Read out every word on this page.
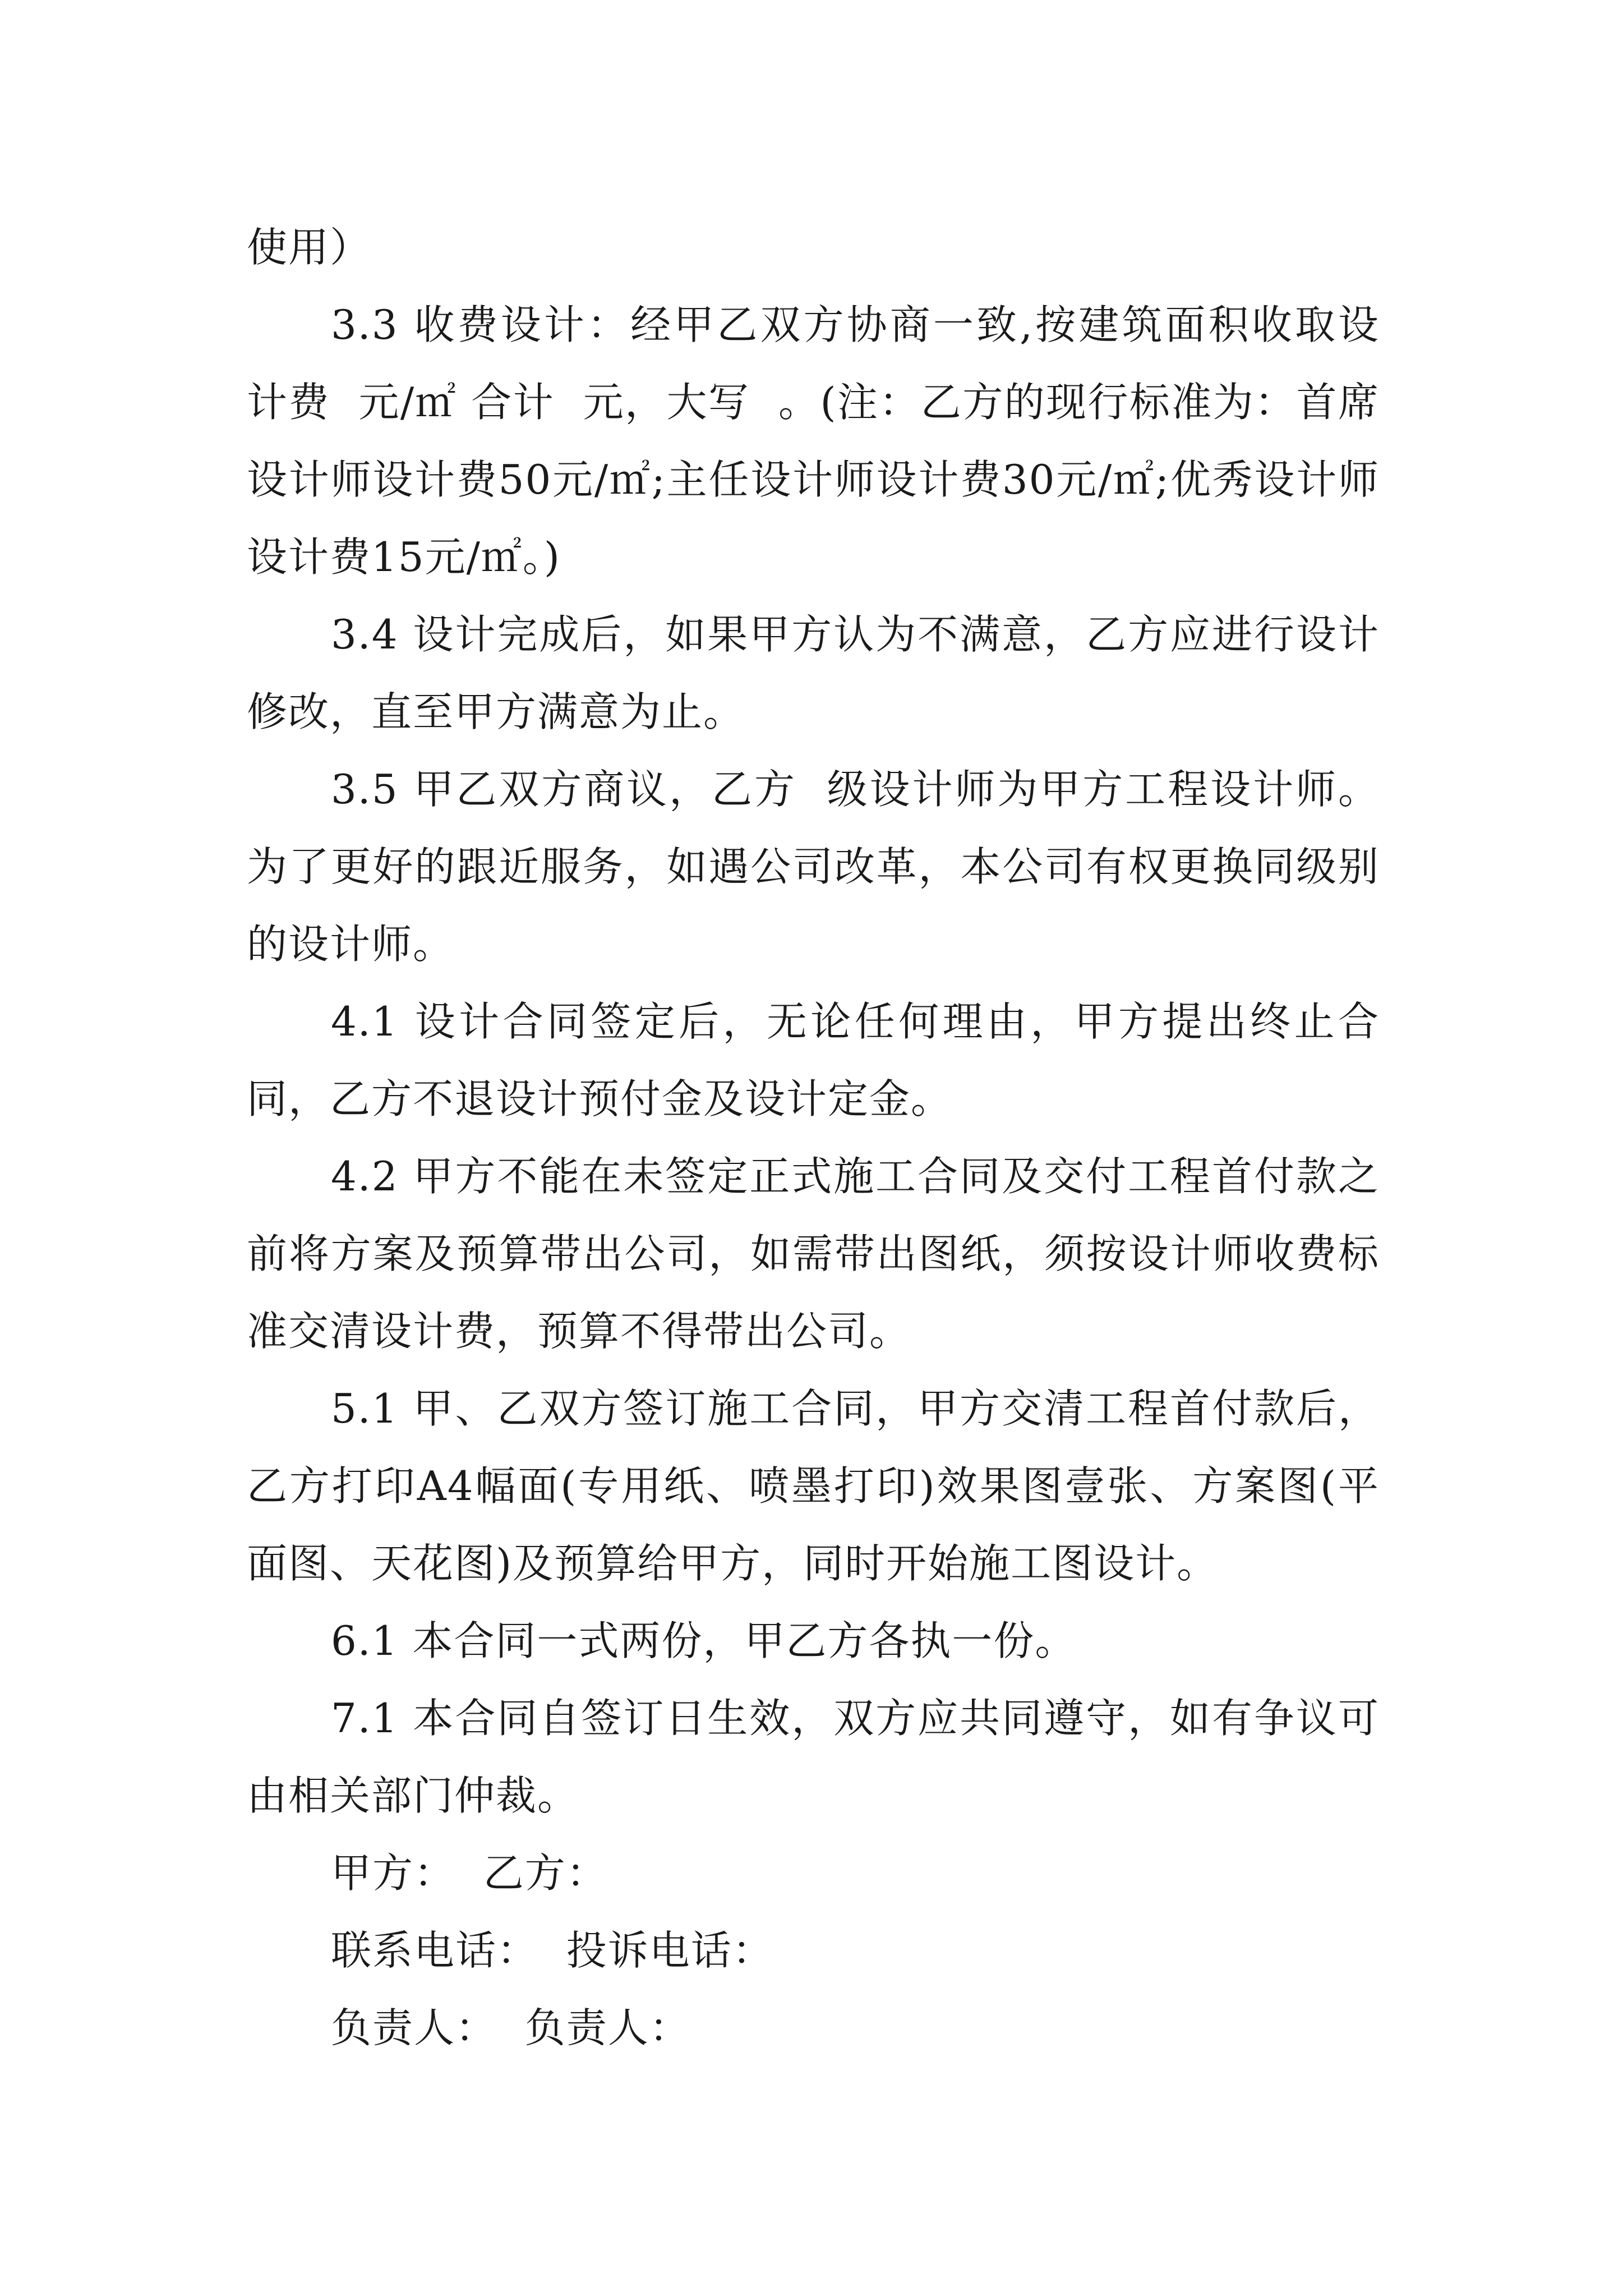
使用）

3.3 收费设计：经甲乙双方协商一致,按建筑面积收取设计费  元/㎡ 合计  元，大写  。(注：乙方的现行标准为：首席设计师设计费50元/㎡;主任设计师设计费30元/㎡;优秀设计师设计费15元/㎡。)

3.4 设计完成后，如果甲方认为不满意，乙方应进行设计修改，直至甲方满意为止。

3.5 甲乙双方商议，乙方  级设计师为甲方工程设计师。为了更好的跟近服务，如遇公司改革，本公司有权更换同级别的设计师。

4.1 设计合同签定后，无论任何理由，甲方提出终止合同，乙方不退设计预付金及设计定金。

4.2 甲方不能在未签定正式施工合同及交付工程首付款之前将方案及预算带出公司，如需带出图纸，须按设计师收费标准交清设计费，预算不得带出公司。

5.1 甲、乙双方签订施工合同，甲方交清工程首付款后，乙方打印A4幅面(专用纸、喷墨打印)效果图壹张、方案图(平面图、天花图)及预算给甲方，同时开始施工图设计。

6.1 本合同一式两份，甲乙方各执一份。

7.1 本合同自签订日生效，双方应共同遵守，如有争议可由相关部门仲裁。

甲方：  乙方：

联系电话：  投诉电话：

负责人：  负责人：
